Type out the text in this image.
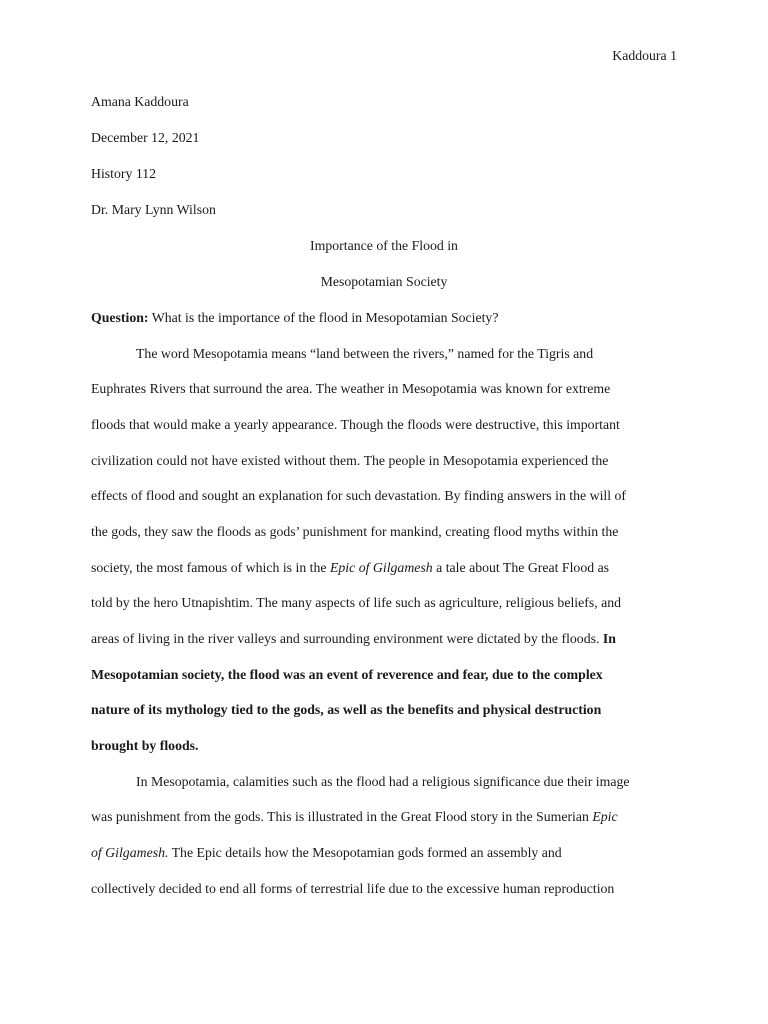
Kaddoura 1
Amana Kaddoura
December 12, 2021
History 112
Dr. Mary Lynn Wilson
Importance of the Flood in
Mesopotamian Society
Question: What is the importance of the flood in Mesopotamian Society?
The word Mesopotamia means “land between the rivers,” named for the Tigris and
Euphrates Rivers that surround the area. The weather in Mesopotamia was known for extreme
floods that would make a yearly appearance. Though the floods were destructive, this important
civilization could not have existed without them. The people in Mesopotamia experienced the
effects of flood and sought an explanation for such devastation. By finding answers in the will of
the gods, they saw the floods as gods’ punishment for mankind, creating flood myths within the
society, the most famous of which is in the Epic of Gilgamesh a tale about The Great Flood as
told by the hero Utnapishtim. The many aspects of life such as agriculture, religious beliefs, and
areas of living in the river valleys and surrounding environment were dictated by the floods. In
Mesopotamian society, the flood was an event of reverence and fear, due to the complex
nature of its mythology tied to the gods, as well as the benefits and physical destruction
brought by floods.
In Mesopotamia, calamities such as the flood had a religious significance due their image
was punishment from the gods. This is illustrated in the Great Flood story in the Sumerian Epic
of Gilgamesh. The Epic details how the Mesopotamian gods formed an assembly and
collectively decided to end all forms of terrestrial life due to the excessive human reproduction
